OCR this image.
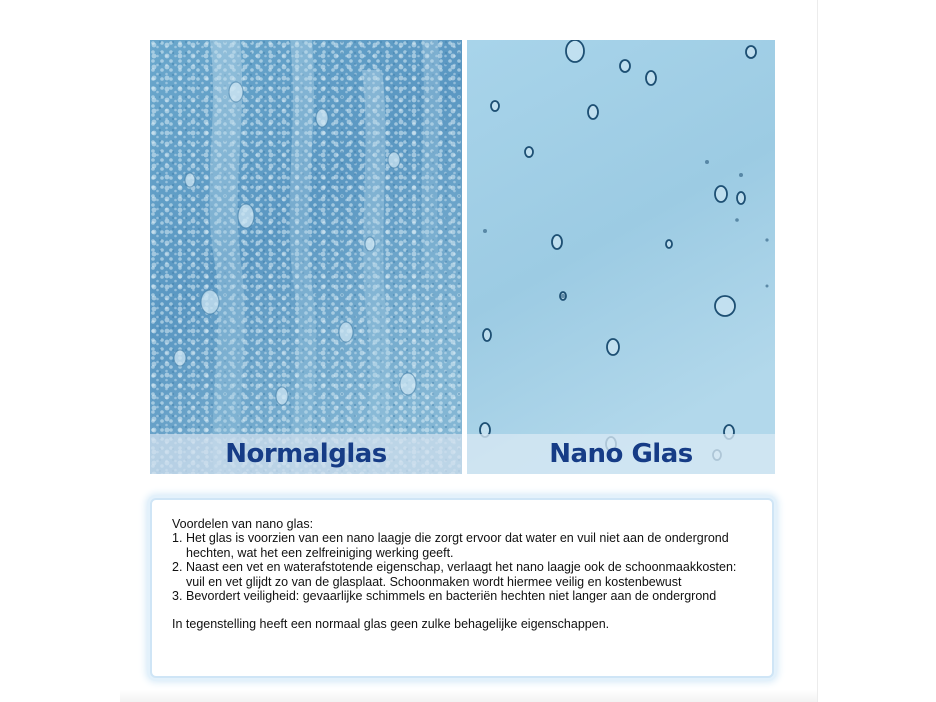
Normalglas	Nano Glas

Voordelen van nano glas:

1. Het glas is voorzien van een nano laagje die zorgt ervoor dat water en vuil niet aan de ondergrond hechten, wat het een zelfreiniging werking geeft.
2. Naast een vet en waterafstotende eigenschap, verlaagt het nano laagje ook de schoonmaakkosten: vuil en vet glijdt zo van de glasplaat. Schoonmaken wordt hiermee veilig en kostenbewust
3. Bevordert veiligheid: gevaarlijke schimmels en bacteriën hechten niet langer aan de ondergrond

In tegenstelling heeft een normaal glas geen zulke behagelijke eigenschappen.
